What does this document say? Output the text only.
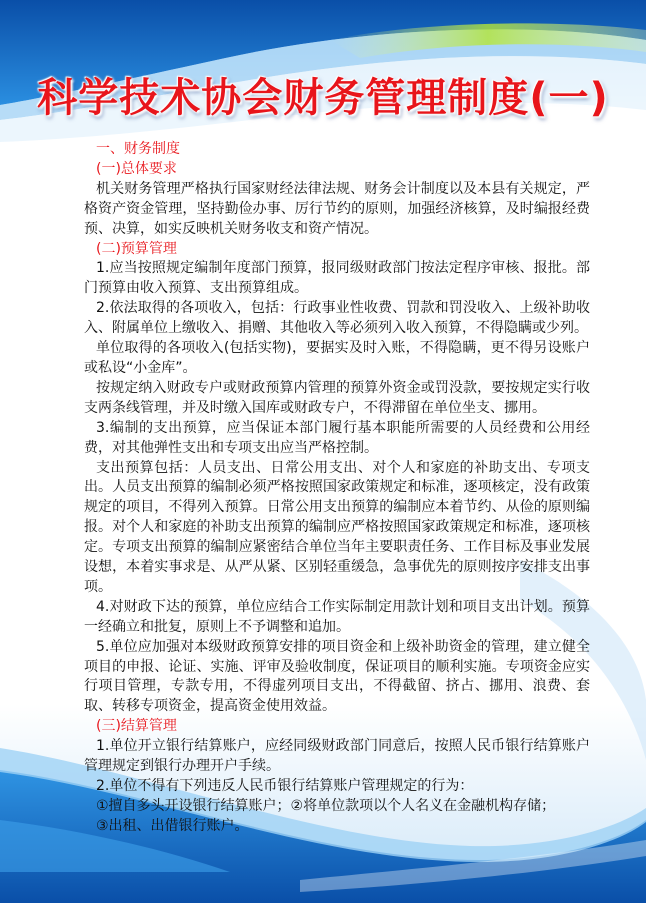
科学技术协会财务管理制度(一)

一、财务制度

(一)总体要求

机关财务管理严格执行国家财经法律法规、财务会计制度以及本县有关规定，严格资产资金管理，坚持勤俭办事、厉行节约的原则，加强经济核算，及时编报经费预、决算，如实反映机关财务收支和资产情况。

(二)预算管理

1.应当按照规定编制年度部门预算，报同级财政部门按法定程序审核、报批。部门预算由收入预算、支出预算组成。

2.依法取得的各项收入，包括：行政事业性收费、罚款和罚没收入、上级补助收入、附属单位上缴收入、捐赠、其他收入等必须列入收入预算，不得隐瞒或少列。

单位取得的各项收入(包括实物)，要据实及时入账，不得隐瞒，更不得另设账户或私设“小金库”。

按规定纳入财政专户或财政预算内管理的预算外资金或罚没款，要按规定实行收支两条线管理，并及时缴入国库或财政专户，不得滞留在单位坐支、挪用。

3.编制的支出预算，应当保证本部门履行基本职能所需要的人员经费和公用经费，对其他弹性支出和专项支出应当严格控制。

支出预算包括：人员支出、日常公用支出、对个人和家庭的补助支出、专项支出。人员支出预算的编制必须严格按照国家政策规定和标准，逐项核定，没有政策规定的项目，不得列入预算。日常公用支出预算的编制应本着节约、从俭的原则编报。对个人和家庭的补助支出预算的编制应严格按照国家政策规定和标准，逐项核定。专项支出预算的编制应紧密结合单位当年主要职责任务、工作目标及事业发展设想，本着实事求是、从严从紧、区别轻重缓急，急事优先的原则按序安排支出事项。

4.对财政下达的预算，单位应结合工作实际制定用款计划和项目支出计划。预算一经确立和批复，原则上不予调整和追加。

5.单位应加强对本级财政预算安排的项目资金和上级补助资金的管理，建立健全项目的申报、论证、实施、评审及验收制度，保证项目的顺利实施。专项资金应实行项目管理，专款专用，不得虚列项目支出，不得截留、挤占、挪用、浪费、套取、转移专项资金，提高资金使用效益。

(三)结算管理

1.单位开立银行结算账户，应经同级财政部门同意后，按照人民币银行结算账户管理规定到银行办理开户手续。

2.单位不得有下列违反人民币银行结算账户管理规定的行为：

①擅自多头开设银行结算账户；②将单位款项以个人名义在金融机构存储；

③出租、出借银行账户。
